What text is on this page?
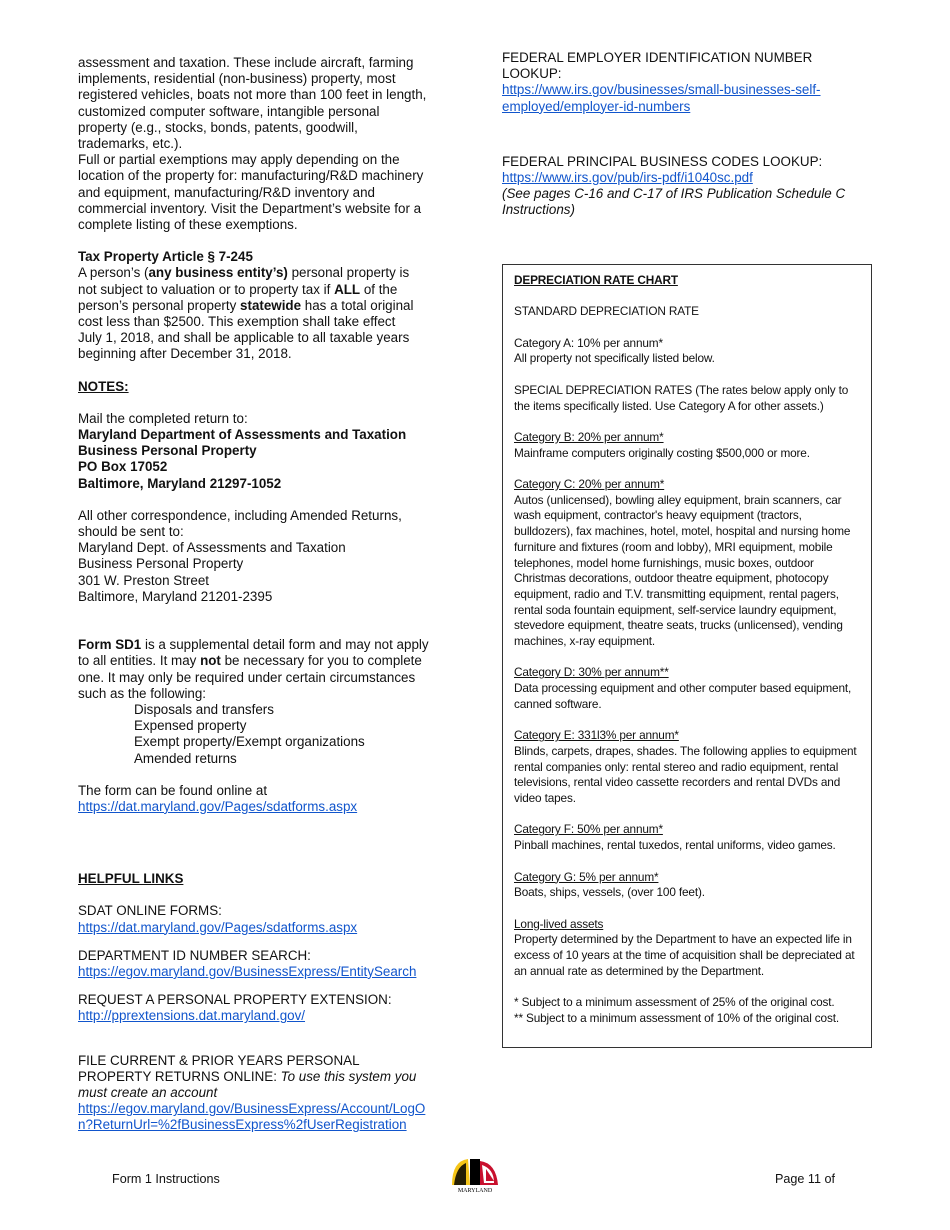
assessment and taxation. These include aircraft, farming

implements, residential (non-business) property, most

registered vehicles, boats not more than 100 feet in length,

customized computer software, intangible personal

property (e.g., stocks, bonds, patents, goodwill,

trademarks, etc.).

Full or partial exemptions may apply depending on the

location of the property for: manufacturing/R&D machinery

and equipment, manufacturing/R&D inventory and

commercial inventory. Visit the Department’s website for a

complete listing of these exemptions.

Tax Property Article § 7-245

A person’s (any business entity’s) personal property is

not subject to valuation or to property tax if ALL of the

person’s personal property statewide has a total original

cost less than $2500. This exemption shall take effect

July 1, 2018, and shall be applicable to all taxable years

beginning after December 31, 2018.

NOTES:

Mail the completed return to:

Maryland Department of Assessments and Taxation

Business Personal Property

PO Box 17052

Baltimore, Maryland 21297-1052

All other correspondence, including Amended Returns,

should be sent to:

Maryland Dept. of Assessments and Taxation

Business Personal Property

301 W. Preston Street

Baltimore, Maryland 21201-2395

Form SD1 is a supplemental detail form and may not apply

to all entities. It may not be necessary for you to complete

one. It may only be required under certain circumstances

such as the following:

Disposals and transfers

Expensed property

Exempt property/Exempt organizations

Amended returns

The form can be found online at

https://dat.maryland.gov/Pages/sdatforms.aspx

HELPFUL LINKS

SDAT ONLINE FORMS:

https://dat.maryland.gov/Pages/sdatforms.aspx

DEPARTMENT ID NUMBER SEARCH:

https://egov.maryland.gov/BusinessExpress/EntitySearch

REQUEST A PERSONAL PROPERTY EXTENSION:

http://pprextensions.dat.maryland.gov/

FILE CURRENT & PRIOR YEARS PERSONAL

PROPERTY RETURNS ONLINE: To use this system you

must create an account

https://egov.maryland.gov/BusinessExpress/Account/LogO
n?ReturnUrl=%2fBusinessExpress%2fUserRegistration

FEDERAL EMPLOYER IDENTIFICATION NUMBER

LOOKUP:

https://www.irs.gov/businesses/small-businesses-self-
employed/employer-id-numbers

FEDERAL PRINCIPAL BUSINESS CODES LOOKUP:

https://www.irs.gov/pub/irs-pdf/i1040sc.pdf

(See pages C-16 and C-17 of IRS Publication Schedule C

Instructions)

DEPRECIATION RATE CHART

STANDARD DEPRECIATION RATE

Category A: 10% per annum*

All property not specifically listed below.

SPECIAL DEPRECIATION RATES (The rates below apply only to

the items specifically listed. Use Category A for other assets.)

Category B: 20% per annum*

Mainframe computers originally costing $500,000 or more.

Category C: 20% per annum*

Autos (unlicensed), bowling alley equipment, brain scanners, car

wash equipment, contractor's heavy equipment (tractors,

bulldozers), fax machines, hotel, motel, hospital and nursing home

furniture and fixtures (room and lobby), MRI equipment, mobile

telephones, model home furnishings, music boxes, outdoor

Christmas decorations, outdoor theatre equipment, photocopy

equipment, radio and T.V. transmitting equipment, rental pagers,

rental soda fountain equipment, self-service laundry equipment,

stevedore equipment, theatre seats, trucks (unlicensed), vending

machines, x-ray equipment.

Category D: 30% per annum**

Data processing equipment and other computer based equipment,

canned software.

Category E: 331l3% per annum*

Blinds, carpets, drapes, shades. The following applies to equipment

rental companies only: rental stereo and radio equipment, rental

televisions, rental video cassette recorders and rental DVDs and

video tapes.

Category F: 50% per annum*

Pinball machines, rental tuxedos, rental uniforms, video games.

Category G: 5% per annum*

Boats, ships, vessels, (over 100 feet).

Long-lived assets

Property determined by the Department to have an expected life in

excess of 10 years at the time of acquisition shall be depreciated at

an annual rate as determined by the Department.

* Subject to a minimum assessment of 25% of the original cost.

** Subject to a minimum assessment of 10% of the original cost.

Form 1 Instructions
MARYLAND
Page 11 of
